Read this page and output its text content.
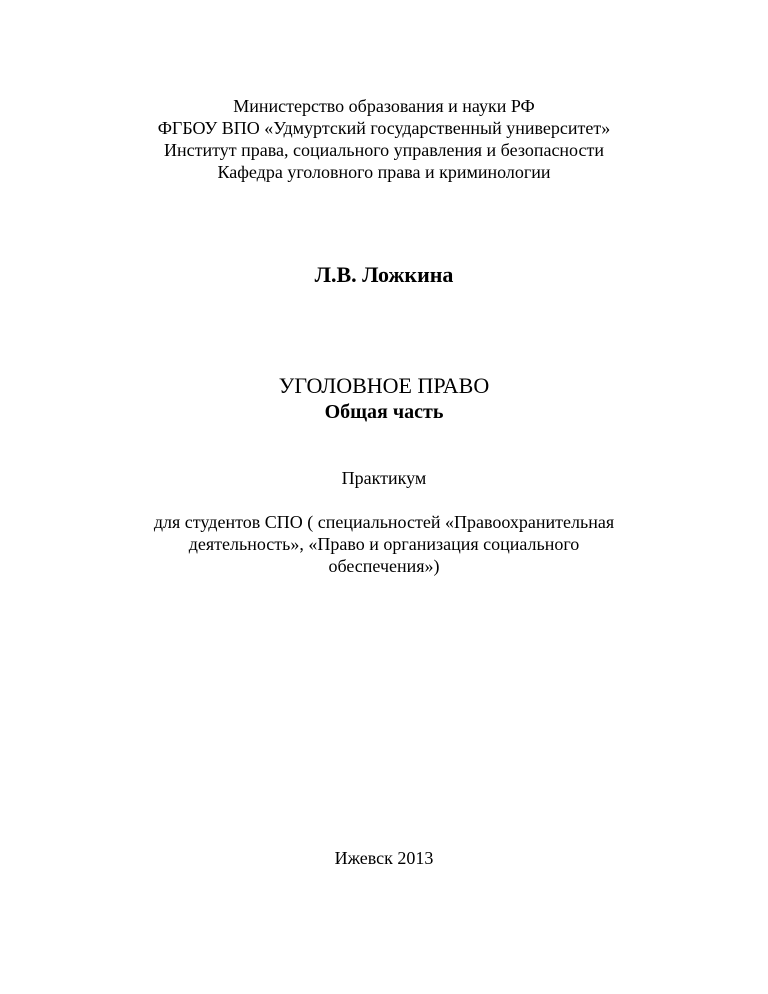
Министерство образования и науки РФ
ФГБОУ ВПО «Удмуртский государственный университет»
Институт права, социального управления и безопасности
Кафедра уголовного права и криминологии
Л.В. Ложкина
УГОЛОВНОЕ ПРАВО
Общая часть
Практикум
для студентов СПО ( специальностей «Правоохранительная
деятельность», «Право и организация социального
обеспечения»)
Ижевск 2013
